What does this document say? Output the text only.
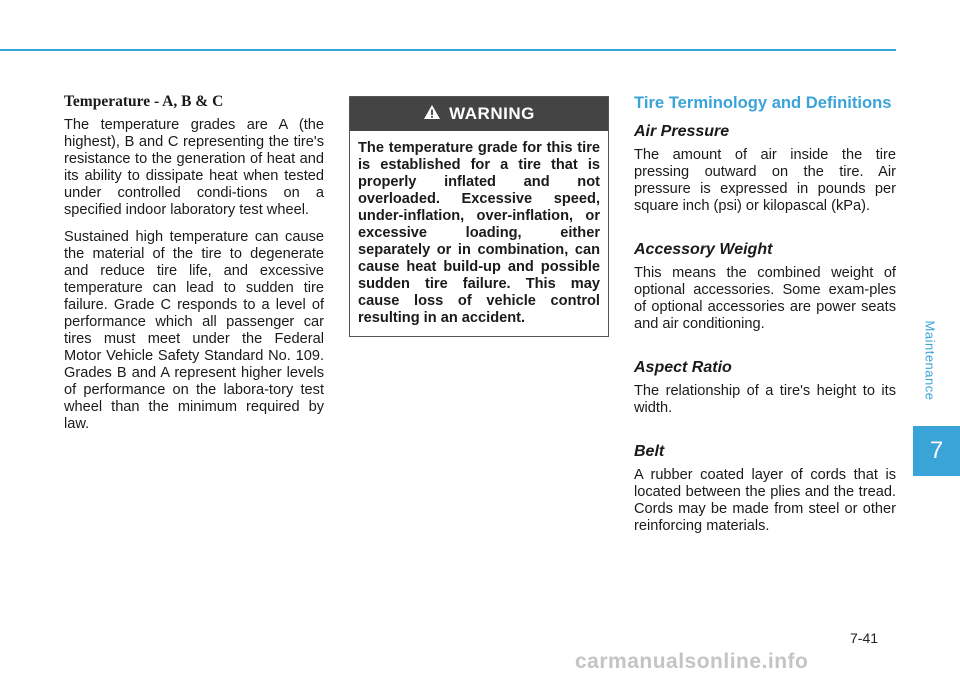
Temperature - A, B & C

The temperature grades are A (the highest), B and C representing the tire's resistance to the generation of heat and its ability to dissipate heat when tested under controlled condi-tions on a specified indoor laboratory test wheel.

Sustained high temperature can cause the material of the tire to degenerate and reduce tire life, and excessive temperature can lead to sudden tire failure. Grade C responds to a level of performance which all passenger car tires must meet under the Federal Motor Vehicle Safety Standard No. 109. Grades B and A represent higher levels of performance on the labora-tory test wheel than the minimum required by law.

WARNING

The temperature grade for this tire is established for a tire that is properly inflated and not overloaded. Excessive speed, under-inflation, over-inflation, or excessive loading, either separately or in combination, can cause heat build-up and possible sudden tire failure. This may cause loss of vehicle control resulting in an accident.

Tire Terminology and Definitions
Air Pressure

The amount of air inside the tire pressing outward on the tire. Air pressure is expressed in pounds per square inch (psi) or kilopascal (kPa).

Accessory Weight

This means the combined weight of optional accessories. Some exam-ples of optional accessories are power seats and air conditioning.

Aspect Ratio

The relationship of a tire's height to its width.

Belt

A rubber coated layer of cords that is located between the plies and the tread. Cords may be made from steel or other reinforcing materials.

Maintenance
7
7-41
carmanualsonline.info
